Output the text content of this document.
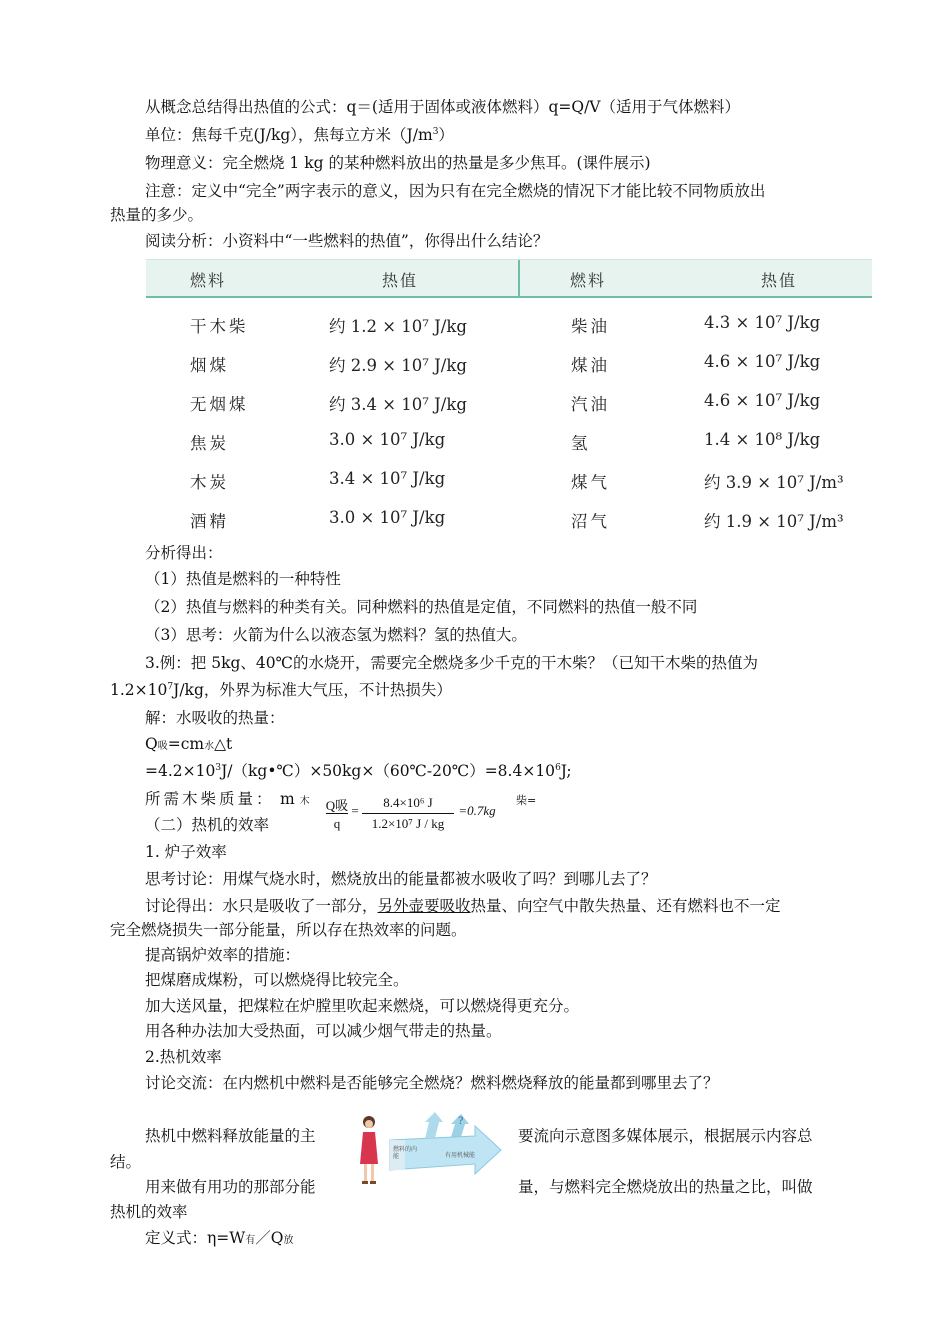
从概念总结得出热值的公式：q＝(适用于固体或液体燃料）q=Q/V（适用于气体燃料）
单位：焦每千克(J/kg），焦每立方米$(J/m^3)$
物理意义：完全燃烧 1 kg 的某种燃料放出的热量是多少焦耳。(课件展示)
注意：定义中“完全”两字表示的意义，因为只有在完全燃烧的情况下才能比较不同物质放出
热量的多少。
阅读分析：小资料中“一些燃料的热值”，你得出什么结论？
燃料	热值	燃料	热值
干木柴	约 1.2 × 10⁷ J/kg	柴油	4.3 × 10⁷ J/kg
烟煤	约 2.9 × 10⁷ J/kg	煤油	4.6 × 10⁷ J/kg
无烟煤	约 3.4 × 10⁷ J/kg	汽油	4.6 × 10⁷ J/kg
焦炭	3.0 × 10⁷ J/kg	氢	1.4 × 10⁸ J/kg
木炭	3.4 × 10⁷ J/kg	煤气	约 3.9 × 10⁷ J/m³
酒精	3.0 × 10⁷ J/kg	沼气	约 1.9 × 10⁷ J/m³
分析得出：
（1）热值是燃料的一种特性
（2）热值与燃料的种类有关。同种燃料的热值是定值，不同燃料的热值一般不同
（3）思考：火箭为什么以液态氢为燃料？氢的热值大。
3.例：把 5kg、40℃的水烧开，需要完全燃烧多少千克的干木柴？（已知干木柴的热值为
$1.2\times 10^7J/kg$，外界为标准大气压，不计热损失）
解：水吸收的热量：
Q吸=cm水△t
$=4.2\times 10^3J/(kg•℃)\times 50kg\times(60℃-20℃)=8.4\times 10^6J$;
所需木柴质量： m 木 Q吸
q
=
8.4×10⁶ J
1.2×10⁷ J / kg
=0.7kg
柴=
（二）热机的效率
1. 炉子效率
思考讨论：用煤气烧水时，燃烧放出的能量都被水吸收了吗？到哪儿去了？
讨论得出：水只是吸收了一部分，另外壶要吸收热量、向空气中散失热量、还有燃料也不一定
完全燃烧损失一部分能量，所以存在热效率的问题。
提高锅炉效率的措施：
把煤磨成煤粉，可以燃烧得比较完全。
加大送风量，把煤粒在炉膛里吹起来燃烧，可以燃烧得更充分。
用各种办法加大受热面，可以减少烟气带走的热量。
2.热机效率
讨论交流：在内燃机中燃料是否能够完全燃烧？燃料燃烧释放的能量都到哪里去了？
热机中燃料释放能量的主	要流向示意图多媒体展示，根据展示内容总
结。
用来做有用功的那部分能	量，与燃料完全燃烧放出的热量之比，叫做
热机的效率
定义式：η=W有／Q放
燃料的内能	有用机械能
?
